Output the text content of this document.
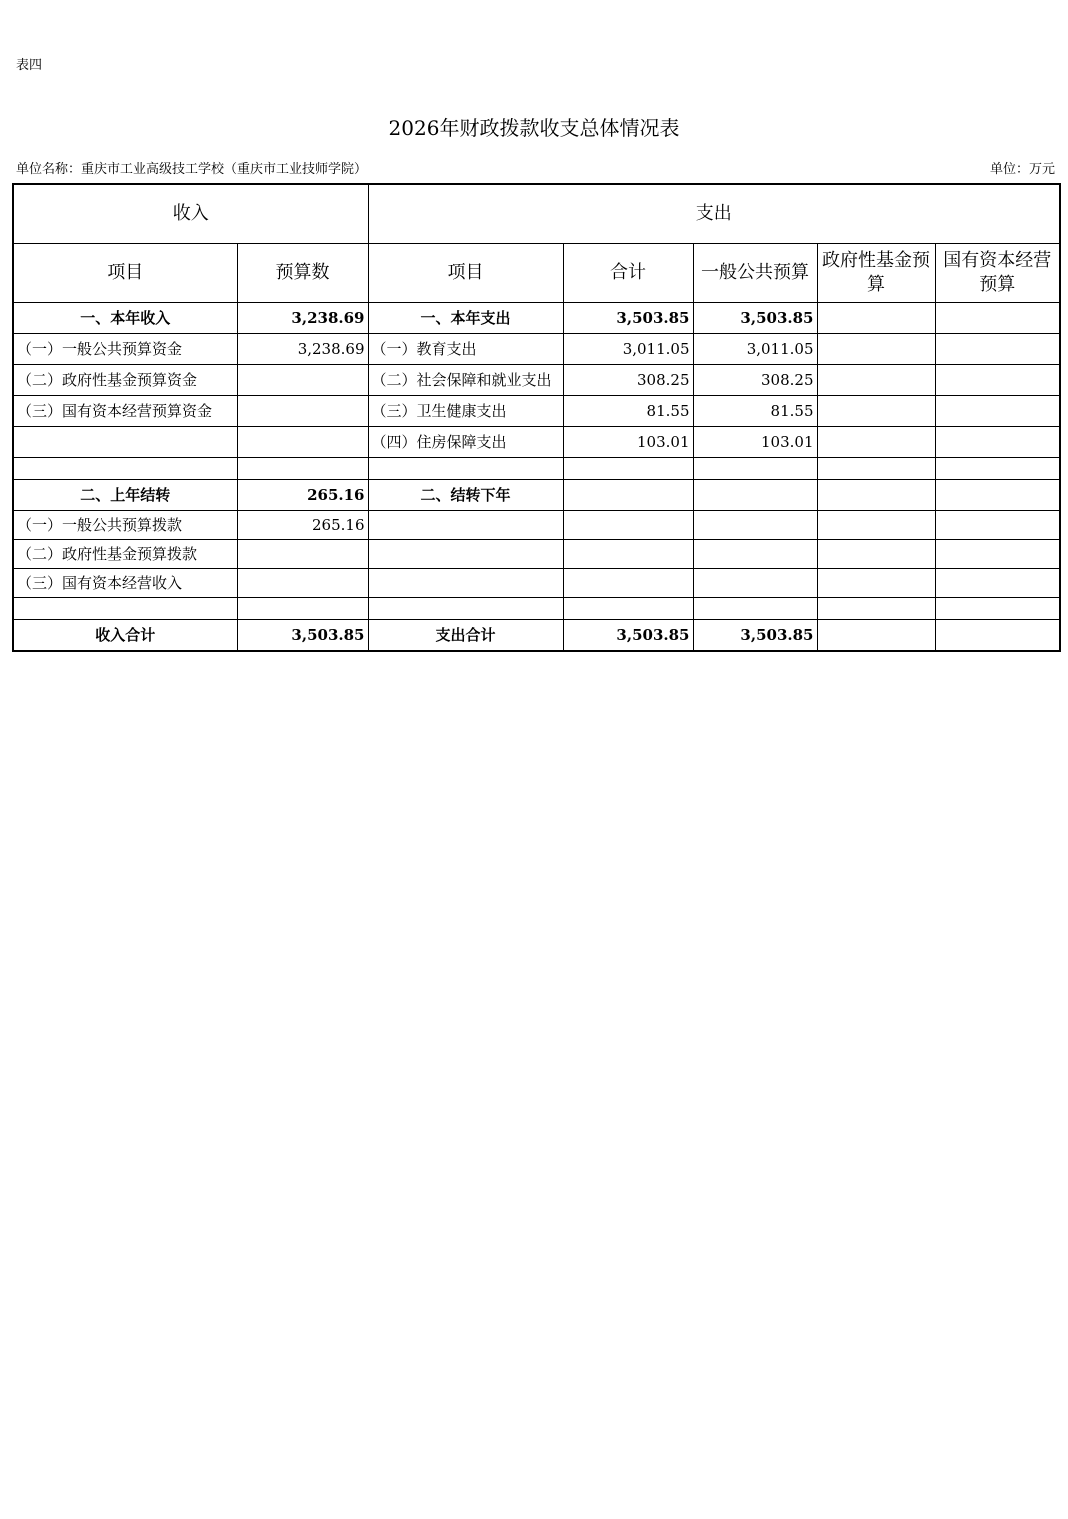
表四
2026年财政拨款收支总体情况表
单位名称：重庆市工业高级技工学校（重庆市工业技师学院）	单位：万元
收入		支出				
项目	预算数	项目	合计	一般公共预算	政府性基金预算	国有资本经营预算
一、本年收入	3,238.69	一、本年支出	3,503.85	3,503.85		
（一）一般公共预算资金	3,238.69	（一）教育支出	3,011.05	3,011.05		
（二）政府性基金预算资金		（二）社会保障和就业支出	308.25	308.25		
（三）国有资本经营预算资金		（三）卫生健康支出	81.55	81.55		
		（四）住房保障支出	103.01	103.01		

二、上年结转	265.16	二、结转下年				
（一）一般公共预算拨款	265.16					
（二）政府性基金预算拨款						
（三）国有资本经营收入						

收入合计	3,503.85	支出合计	3,503.85	3,503.85		
